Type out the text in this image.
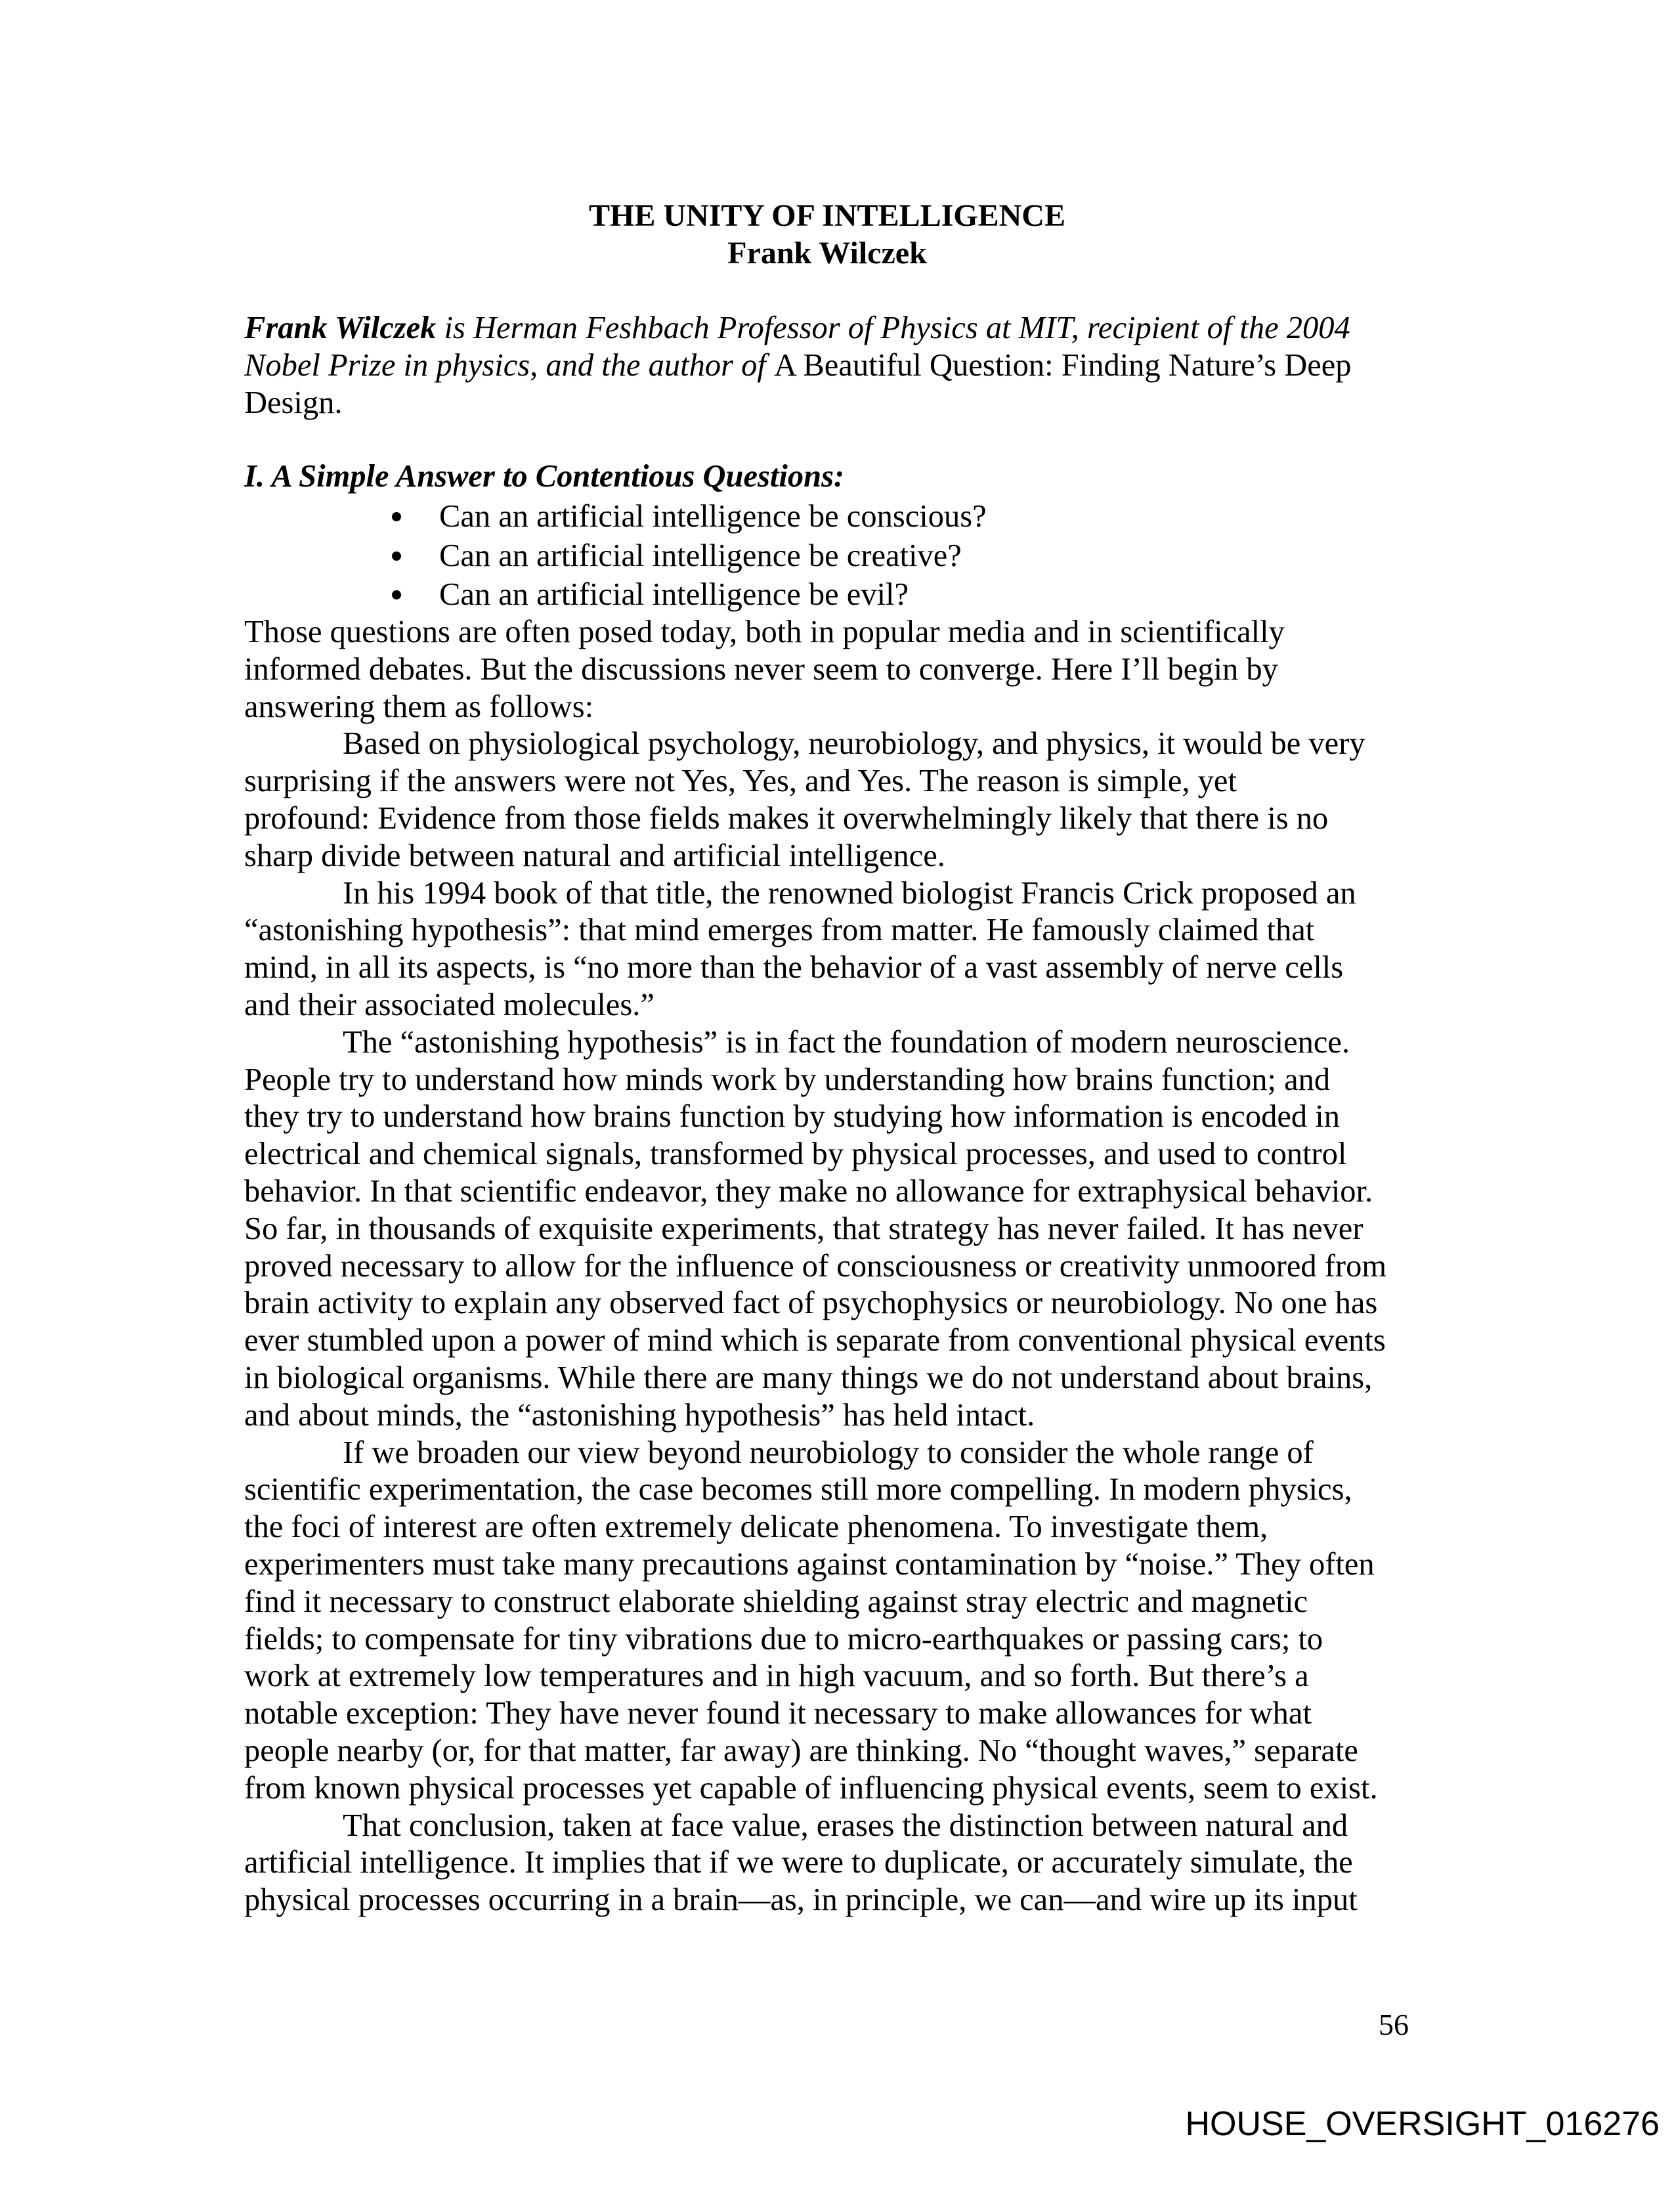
THE UNITY OF INTELLIGENCE
Frank Wilczek
Frank Wilczek is Herman Feshbach Professor of Physics at MIT, recipient of the 2004
Nobel Prize in physics, and the author of A Beautiful Question: Finding Nature’s Deep
Design.
I. A Simple Answer to Contentious Questions:
Can an artificial intelligence be conscious?
Can an artificial intelligence be creative?
Can an artificial intelligence be evil?
Those questions are often posed today, both in popular media and in scientifically
informed debates. But the discussions never seem to converge. Here I’ll begin by
answering them as follows:
Based on physiological psychology, neurobiology, and physics, it would be very
surprising if the answers were not Yes, Yes, and Yes. The reason is simple, yet
profound: Evidence from those fields makes it overwhelmingly likely that there is no
sharp divide between natural and artificial intelligence.
In his 1994 book of that title, the renowned biologist Francis Crick proposed an
“astonishing hypothesis”: that mind emerges from matter. He famously claimed that
mind, in all its aspects, is “no more than the behavior of a vast assembly of nerve cells
and their associated molecules.”
The “astonishing hypothesis” is in fact the foundation of modern neuroscience.
People try to understand how minds work by understanding how brains function; and
they try to understand how brains function by studying how information is encoded in
electrical and chemical signals, transformed by physical processes, and used to control
behavior. In that scientific endeavor, they make no allowance for extraphysical behavior.
So far, in thousands of exquisite experiments, that strategy has never failed. It has never
proved necessary to allow for the influence of consciousness or creativity unmoored from
brain activity to explain any observed fact of psychophysics or neurobiology. No one has
ever stumbled upon a power of mind which is separate from conventional physical events
in biological organisms. While there are many things we do not understand about brains,
and about minds, the “astonishing hypothesis” has held intact.
If we broaden our view beyond neurobiology to consider the whole range of
scientific experimentation, the case becomes still more compelling. In modern physics,
the foci of interest are often extremely delicate phenomena. To investigate them,
experimenters must take many precautions against contamination by “noise.” They often
find it necessary to construct elaborate shielding against stray electric and magnetic
fields; to compensate for tiny vibrations due to micro-earthquakes or passing cars; to
work at extremely low temperatures and in high vacuum, and so forth. But there’s a
notable exception: They have never found it necessary to make allowances for what
people nearby (or, for that matter, far away) are thinking. No “thought waves,” separate
from known physical processes yet capable of influencing physical events, seem to exist.
That conclusion, taken at face value, erases the distinction between natural and
artificial intelligence. It implies that if we were to duplicate, or accurately simulate, the
physical processes occurring in a brain—as, in principle, we can—and wire up its input
56
HOUSE_OVERSIGHT_016276
